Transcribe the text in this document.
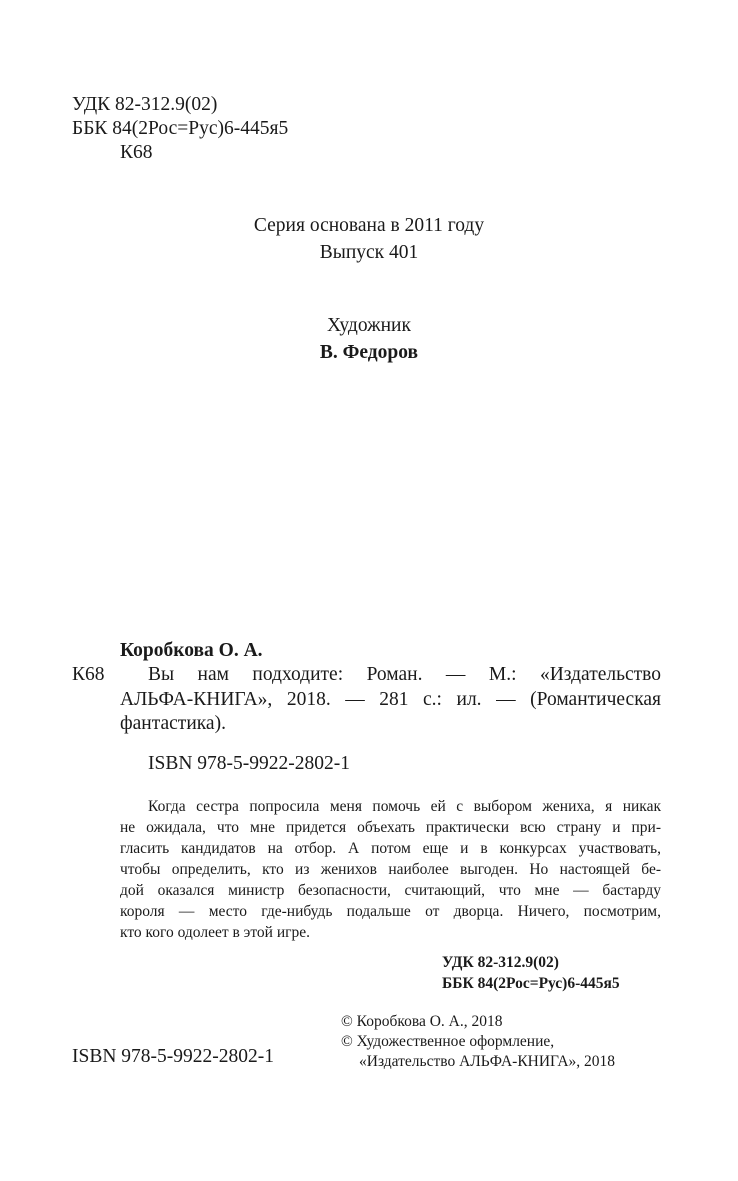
УДК 82-312.9(02)
ББК 84(2Рос=Рус)6-445я5
К68
Серия основана в 2011 году
Выпуск 401
Художник
В. Федоров
Коробкова О. А.
К68 Вы нам подходите: Роман. — М.: «Издательство
АЛЬФА-КНИГА», 2018. — 281 с.: ил. — (Романтическая
фантастика).
ISBN 978-5-9922-2802-1
Когда сестра попросила меня помочь ей с выбором жениха, я никак
не ожидала, что мне придется объехать практически всю страну и при-
гласить кандидатов на отбор. А потом еще и в конкурсах участвовать,
чтобы определить, кто из женихов наиболее выгоден. Но настоящей бе-
дой оказался министр безопасности, считающий, что мне — бастарду
короля — место где-нибудь подальше от дворца. Ничего, посмотрим,
кто кого одолеет в этой игре.
УДК 82-312.9(02)
ББК 84(2Рос=Рус)6-445я5
© Коробкова О. А., 2018
© Художественное оформление,
«Издательство АЛЬФА-КНИГА», 2018
ISBN 978-5-9922-2802-1
